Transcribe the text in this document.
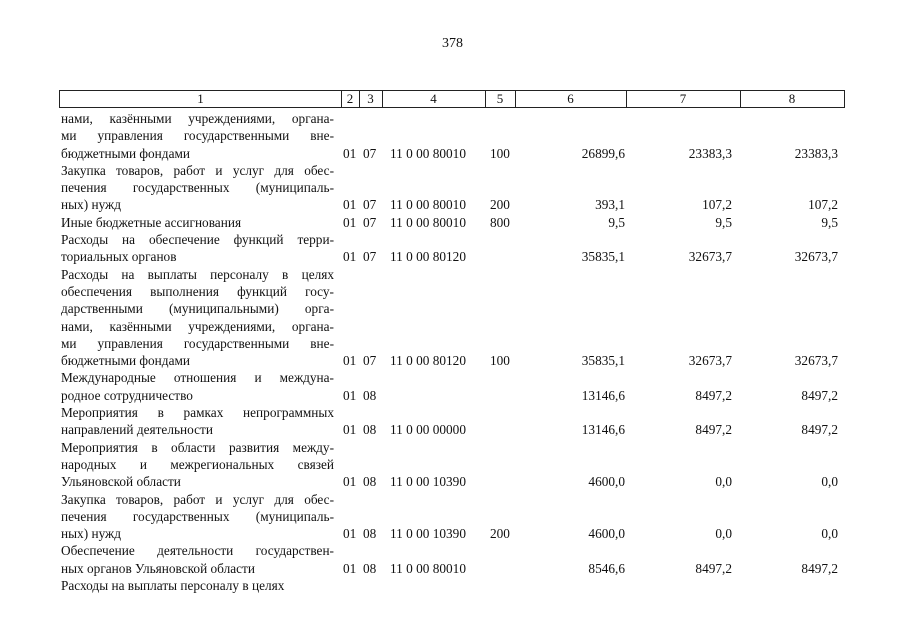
378
1	2	3	4	5	6	7	8
нами, казёнными учреждениями, органа-
ми управления государственными вне-
бюджетными фондами	01 07 11 0 00 80010 100	26899,6	23383,3	23383,3
Закупка товаров, работ и услуг для обес-
печения государственных (муниципаль-
ных) нужд	01 07 11 0 00 80010 200	393,1	107,2	107,2
Иные бюджетные ассигнования	01 07 11 0 00 80010 800	9,5	9,5	9,5
Расходы на обеспечение функций терри-
ториальных органов	01 07 11 0 00 80120	35835,1	32673,7	32673,7
Расходы на выплаты персоналу в целях
обеспечения выполнения функций госу-
дарственными (муниципальными) орга-
нами, казёнными учреждениями, органа-
ми управления государственными вне-
бюджетными фондами	01 07 11 0 00 80120 100	35835,1	32673,7	32673,7
Международные отношения и междуна-
родное сотрудничество	01 08	13146,6	8497,2	8497,2
Мероприятия в рамках непрограммных
направлений деятельности	01 08 11 0 00 00000	13146,6	8497,2	8497,2
Мероприятия в области развития между-
народных и межрегиональных связей
Ульяновской области	01 08 11 0 00 10390	4600,0	0,0	0,0
Закупка товаров, работ и услуг для обес-
печения государственных (муниципаль-
ных) нужд	01 08 11 0 00 10390 200	4600,0	0,0	0,0
Обеспечение деятельности государствен-
ных органов Ульяновской области	01 08 11 0 00 80010	8546,6	8497,2	8497,2
Расходы на выплаты персоналу в целях
